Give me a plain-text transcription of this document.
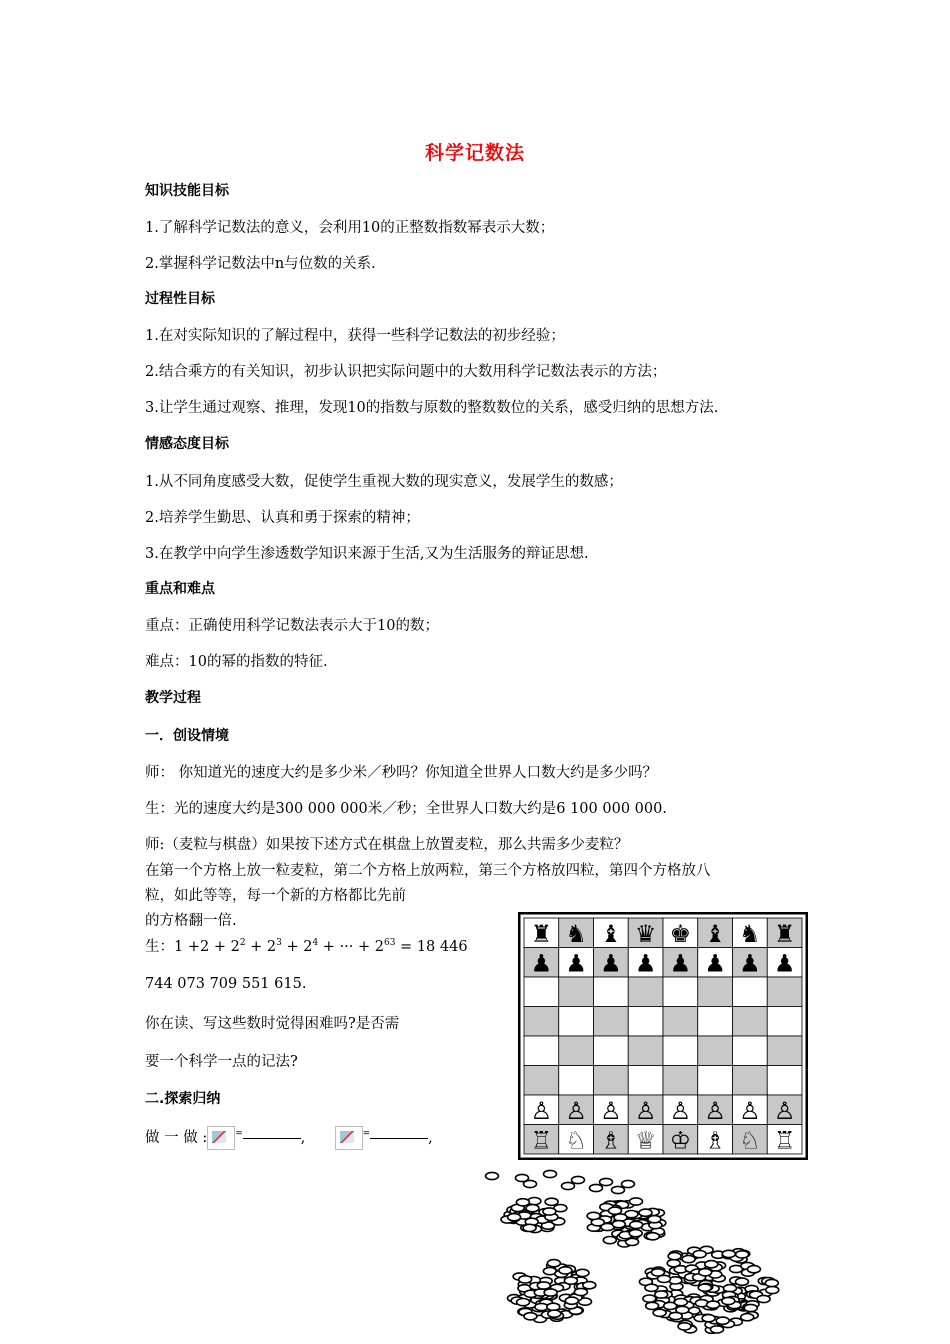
科学记数法
知识技能目标
1.了解科学记数法的意义，会利用10的正整数指数幂表示大数；
2.掌握科学记数法中n与位数的关系.
过程性目标
1.在对实际知识的了解过程中，获得一些科学记数法的初步经验；
2.结合乘方的有关知识，初步认识把实际问题中的大数用科学记数法表示的方法；
3.让学生通过观察、推理，发现10的指数与原数的整数数位的关系，感受归纳的思想方法.
情感态度目标
1.从不同角度感受大数，促使学生重视大数的现实意义，发展学生的数感；
2.培养学生勤思、认真和勇于探索的精神；
3.在教学中向学生渗透数学知识来源于生活,又为生活服务的辩证思想.
重点和难点
重点：正确使用科学记数法表示大于10的数；
难点：10的幂的指数的特征.
教学过程
一．创设情境
师： 你知道光的速度大约是多少米／秒吗？你知道全世界人口数大约是多少吗？
生：光的速度大约是300 000 000米／秒；全世界人口数大约是6 100 000 000.
师:（麦粒与棋盘）如果按下述方式在棋盘上放置麦粒，那么共需多少麦粒？
在第一个方格上放一粒麦粒，第二个方格上放两粒，第三个方格放四粒，第四个方格放八
粒，如此等等，每一个新的方格都比先前
的方格翻一倍.
生：$1 +2 + 2^2 + 2^3 + 2^4$ + ··· + $2^{63} = 18$ 446
744 073 709 551 615.
你在读、写这些数时觉得困难吗?是否需
要一个科学一点的记法?
二.探索归纳
做 一 做 :	=	,	=	,
♜ ♞ ♝ ♛ ♚ ♝ ♞ ♜
♟ ♟ ♟ ♟ ♟ ♟ ♟ ♟
♙ ♙ ♙ ♙ ♙ ♙ ♙ ♙
♖ ♘ ♗ ♕ ♔ ♗ ♘ ♖
